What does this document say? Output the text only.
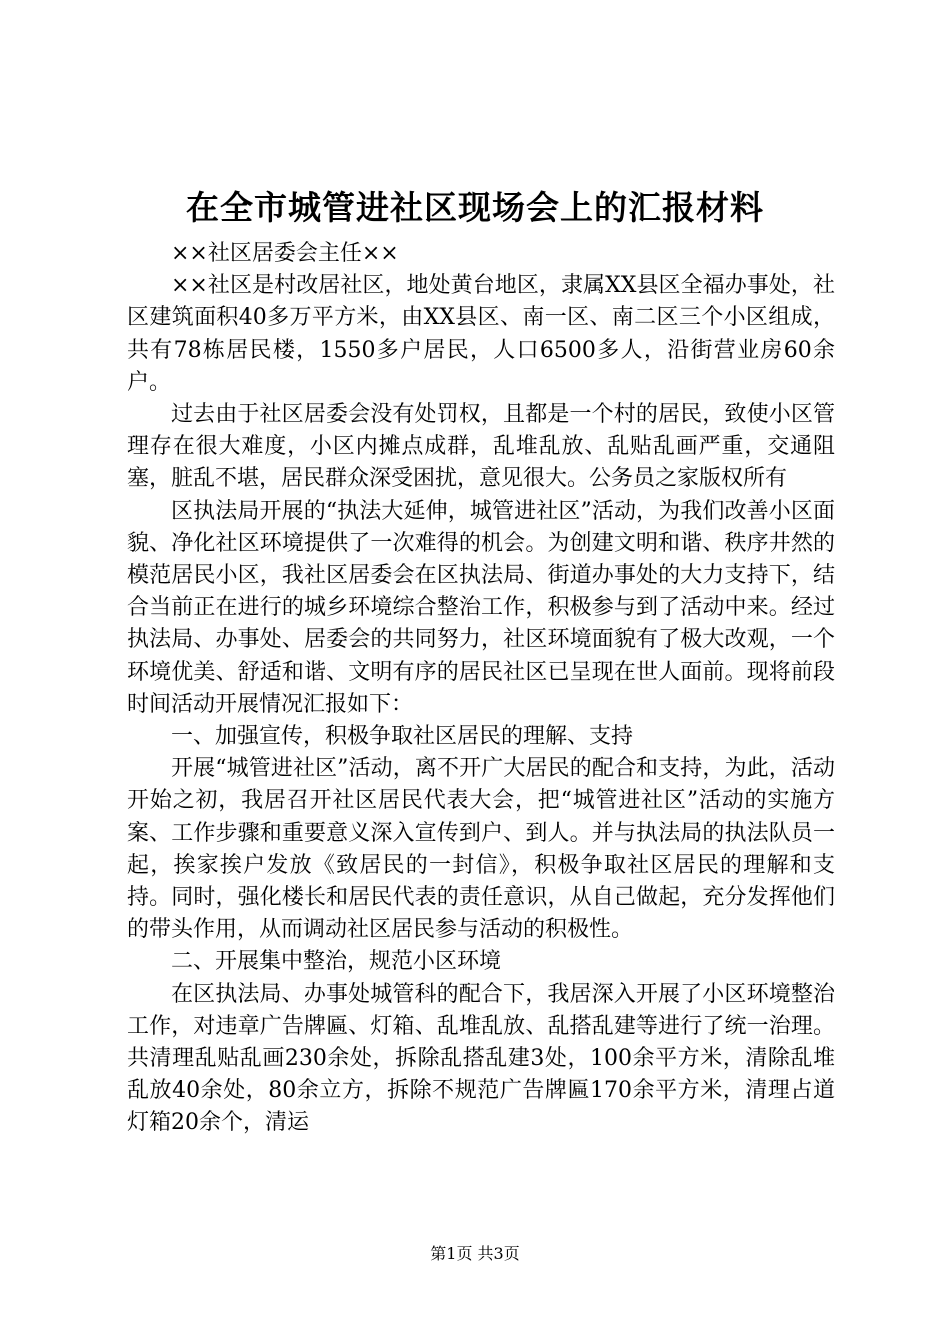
在全市城管进社区现场会上的汇报材料

××社区居委会主任××

××社区是村改居社区，地处黄台地区，隶属XX县区全福办事处，社区建筑面积40多万平方米，由XX县区、南一区、南二区三个小区组成，共有78栋居民楼，1550多户居民，人口6500多人，沿街营业房60余户。

过去由于社区居委会没有处罚权，且都是一个村的居民，致使小区管理存在很大难度，小区内摊点成群，乱堆乱放、乱贴乱画严重，交通阻塞，脏乱不堪，居民群众深受困扰，意见很大。公务员之家版权所有

区执法局开展的“执法大延伸，城管进社区”活动，为我们改善小区面貌、净化社区环境提供了一次难得的机会。为创建文明和谐、秩序井然的模范居民小区，我社区居委会在区执法局、街道办事处的大力支持下，结合当前正在进行的城乡环境综合整治工作，积极参与到了活动中来。经过执法局、办事处、居委会的共同努力，社区环境面貌有了极大改观，一个环境优美、舒适和谐、文明有序的居民社区已呈现在世人面前。现将前段时间活动开展情况汇报如下：

一、加强宣传，积极争取社区居民的理解、支持

开展“城管进社区”活动，离不开广大居民的配合和支持，为此，活动开始之初，我居召开社区居民代表大会，把“城管进社区”活动的实施方案、工作步骤和重要意义深入宣传到户、到人。并与执法局的执法队员一起，挨家挨户发放《致居民的一封信》，积极争取社区居民的理解和支持。同时，强化楼长和居民代表的责任意识，从自己做起，充分发挥他们的带头作用，从而调动社区居民参与活动的积极性。

二、开展集中整治，规范小区环境

在区执法局、办事处城管科的配合下，我居深入开展了小区环境整治工作，对违章广告牌匾、灯箱、乱堆乱放、乱搭乱建等进行了统一治理。共清理乱贴乱画230余处，拆除乱搭乱建3处，100余平方米，清除乱堆乱放40余处，80余立方，拆除不规范广告牌匾170余平方米，清理占道灯箱20余个，清运

第1页 共3页
